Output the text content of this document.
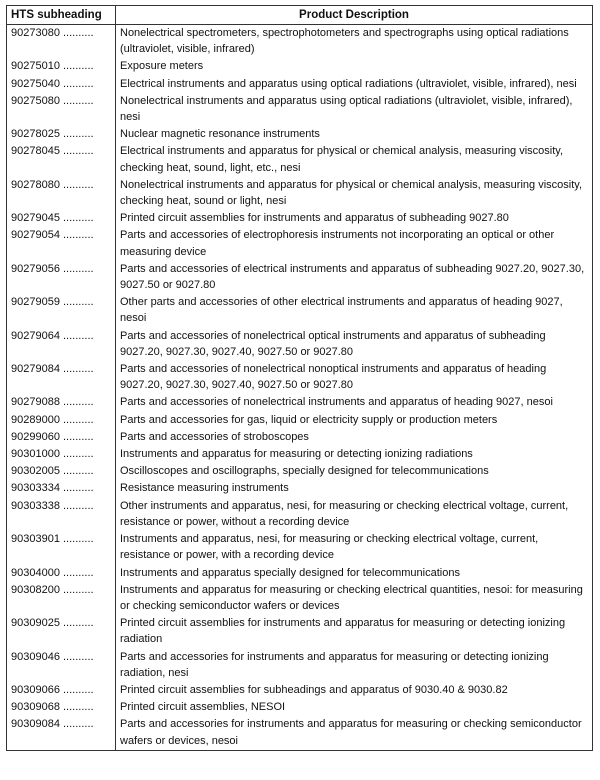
HTS subheading	Product Description
90273080 ..........	Nonelectrical spectrometers, spectrophotometers and spectrographs using optical radiations (ultraviolet, visible, infrared)
90275010 ..........	Exposure meters
90275040 ..........	Electrical instruments and apparatus using optical radiations (ultraviolet, visible, infrared), nesi
90275080 ..........	Nonelectrical instruments and apparatus using optical radiations (ultraviolet, visible, infrared), nesi
90278025 ..........	Nuclear magnetic resonance instruments
90278045 ..........	Electrical instruments and apparatus for physical or chemical analysis, measuring viscosity, checking heat, sound, light, etc., nesi
90278080 ..........	Nonelectrical instruments and apparatus for physical or chemical analysis, measuring viscosity, checking heat, sound or light, nesi
90279045 ..........	Printed circuit assemblies for instruments and apparatus of subheading 9027.80
90279054 ..........	Parts and accessories of electrophoresis instruments not incorporating an optical or other measuring device
90279056 ..........	Parts and accessories of electrical instruments and apparatus of subheading 9027.20, 9027.30, 9027.50 or 9027.80
90279059 ..........	Other parts and accessories of other electrical instruments and apparatus of heading 9027, nesoi
90279064 ..........	Parts and accessories of nonelectrical optical instruments and apparatus of subheading 9027.20, 9027.30, 9027.40, 9027.50 or 9027.80
90279084 ..........	Parts and accessories of nonelectrical nonoptical instruments and apparatus of heading 9027.20, 9027.30, 9027.40, 9027.50 or 9027.80
90279088 ..........	Parts and accessories of nonelectrical instruments and apparatus of heading 9027, nesoi
90289000 ..........	Parts and accessories for gas, liquid or electricity supply or production meters
90299060 ..........	Parts and accessories of stroboscopes
90301000 ..........	Instruments and apparatus for measuring or detecting ionizing radiations
90302005 ..........	Oscilloscopes and oscillographs, specially designed for telecommunications
90303334 ..........	Resistance measuring instruments
90303338 ..........	Other instruments and apparatus, nesi, for measuring or checking electrical voltage, current, resistance or power, without a recording device
90303901 ..........	Instruments and apparatus, nesi, for measuring or checking electrical voltage, current, resistance or power, with a recording device
90304000 ..........	Instruments and apparatus specially designed for telecommunications
90308200 ..........	Instruments and apparatus for measuring or checking electrical quantities, nesoi: for measuring or checking semiconductor wafers or devices
90309025 ..........	Printed circuit assemblies for instruments and apparatus for measuring or detecting ionizing radiation
90309046 ..........	Parts and accessories for instruments and apparatus for measuring or detecting ionizing radiation, nesi
90309066 ..........	Printed circuit assemblies for subheadings and apparatus of 9030.40 & 9030.82
90309068 ..........	Printed circuit assemblies, NESOI
90309084 ..........	Parts and accessories for instruments and apparatus for measuring or checking semiconductor wafers or devices, nesoi
